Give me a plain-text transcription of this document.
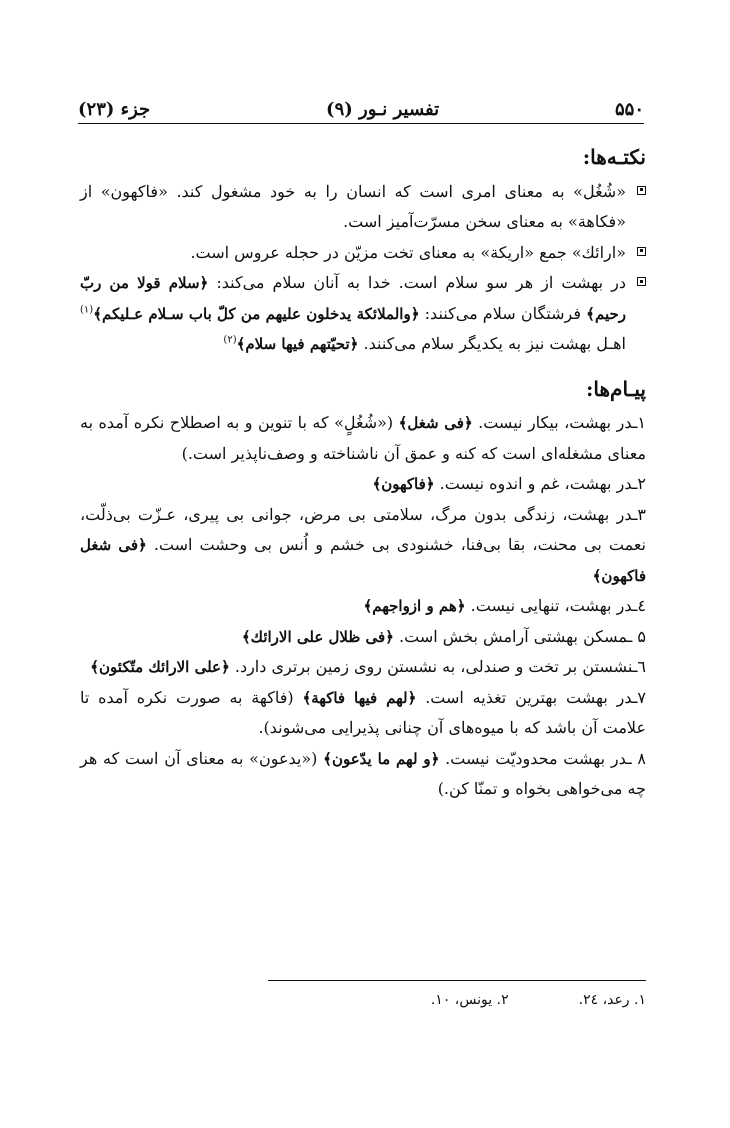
۵۵۰
تفسیر نـور (۹)
جزء (۲۳)
نکتـه‌ها:

«شُغُل» به معنای امری است که انسان را به خود مشغول کند. «فاکهون» از «فکاهة» به معنای سخن مسرّت‌آمیز است.

«ارائك» جمع «اریکة» به معنای تخت مزیّن در حجله عروس است.

در بهشت از هر سو سلام است. خدا به آنان سلام می‌کند: ﴿سلام قولا من ربّ رحیم﴾ فرشتگان سلام می‌کنند: ﴿والملائکة یدخلون علیهم من کلّ باب سـلام عـلیکم﴾$^{(۱)}$ اهـل بهشت نیز به یکدیگر سلام می‌کنند. ﴿تحیّتهم فیها سلام﴾$^{(۲)}$

پیـام‌ها:

۱ـدر بهشت، بیکار نیست. ﴿فی شغل﴾ («شُغُلٍ» که با تنوین و به اصطلاح نکره آمده به معنای مشغله‌ای است که کنه و عمق آن ناشناخته و وصف‌ناپذیر است.)

۲ـدر بهشت، غم و اندوه نیست. ﴿فاکهون﴾

۳ـدر بهشت، زندگی بدون مرگ، سلامتی بی مرض، جوانی بی پیری، عـزّت بی‌ذلّت، نعمت بی محنت، بقا بی‌فنا، خشنودی بی خشم و اُنس بی وحشت است. ﴿فی شغل فاکهون﴾

٤ـدر بهشت، تنهایی نیست. ﴿هم و ازواجهم﴾

۵ ـمسکن بهشتی آرامش بخش است. ﴿فی ظلال علی الارائك﴾

٦ـنشستن بر تخت و صندلی، به نشستن روی زمین برتری دارد. ﴿علی الارائك متّکئون﴾

۷ـدر بهشت بهترین تغذیه است. ﴿لهم فیها فاکهة﴾ (فاکهة به صورت نکره آمده تا علامت آن باشد که با میوه‌های آن چنانی پذیرایی می‌شوند).

۸ ـدر بهشت محدودیّت نیست. ﴿و لهم ما یدّعون﴾ («یدعون» به معنای آن است که هر چه می‌خواهی بخواه و تمنّا کن.)

۱. رعد، ۲٤.
۲. یونس، ۱۰.
